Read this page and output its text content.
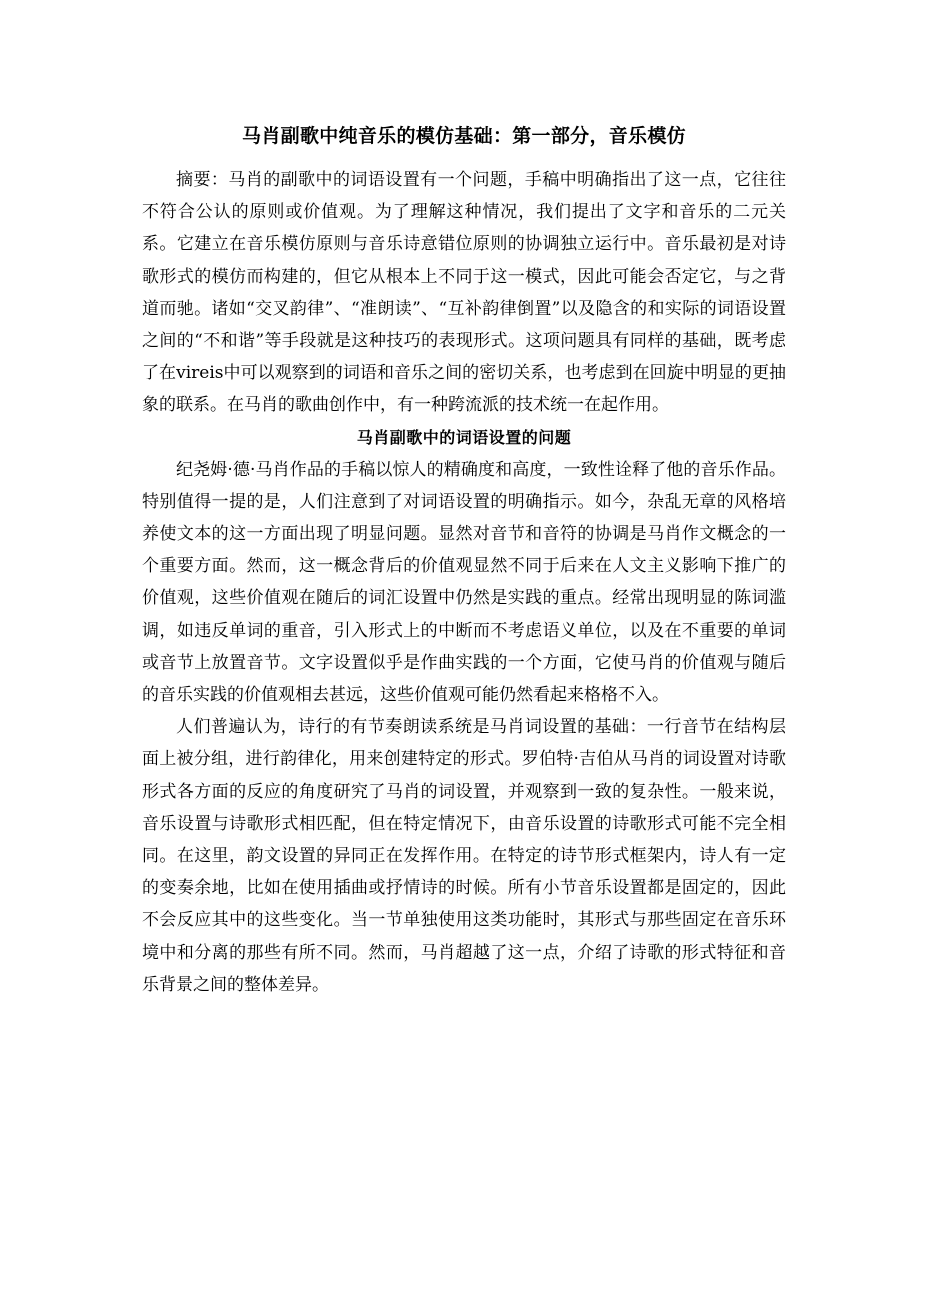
马肖副歌中纯音乐的模仿基础：第一部分，音乐模仿

摘要：马肖的副歌中的词语设置有一个问题，手稿中明确指出了这一点，它往往不符合公认的原则或价值观。为了理解这种情况，我们提出了文字和音乐的二元关系。它建立在音乐模仿原则与音乐诗意错位原则的协调独立运行中。音乐最初是对诗歌形式的模仿而构建的，但它从根本上不同于这一模式，因此可能会否定它，与之背道而驰。诸如“交叉韵律”、“准朗读”、“互补韵律倒置”以及隐含的和实际的词语设置之间的“不和谐”等手段就是这种技巧的表现形式。这项问题具有同样的基础，既考虑了在vireis中可以观察到的词语和音乐之间的密切关系，也考虑到在回旋中明显的更抽象的联系。在马肖的歌曲创作中，有一种跨流派的技术统一在起作用。

马肖副歌中的词语设置的问题

纪尧姆·德·马肖作品的手稿以惊人的精确度和高度，一致性诠释了他的音乐作品。特别值得一提的是，人们注意到了对词语设置的明确指示。如今，杂乱无章的风格培养使文本的这一方面出现了明显问题。显然对音节和音符的协调是马肖作文概念的一个重要方面。然而，这一概念背后的价值观显然不同于后来在人文主义影响下推广的价值观，这些价值观在随后的词汇设置中仍然是实践的重点。经常出现明显的陈词滥调，如违反单词的重音，引入形式上的中断而不考虑语义单位，以及在不重要的单词或音节上放置音节。文字设置似乎是作曲实践的一个方面，它使马肖的价值观与随后的音乐实践的价值观相去甚远，这些价值观可能仍然看起来格格不入。

人们普遍认为，诗行的有节奏朗读系统是马肖词设置的基础：一行音节在结构层面上被分组，进行韵律化，用来创建特定的形式。罗伯特·吉伯从马肖的词设置对诗歌形式各方面的反应的角度研究了马肖的词设置，并观察到一致的复杂性。一般来说，音乐设置与诗歌形式相匹配，但在特定情况下，由音乐设置的诗歌形式可能不完全相同。在这里，韵文设置的异同正在发挥作用。在特定的诗节形式框架内，诗人有一定的变奏余地，比如在使用插曲或抒情诗的时候。所有小节音乐设置都是固定的，因此不会反应其中的这些变化。当一节单独使用这类功能时，其形式与那些固定在音乐环境中和分离的那些有所不同。然而，马肖超越了这一点，介绍了诗歌的形式特征和音乐背景之间的整体差异。
